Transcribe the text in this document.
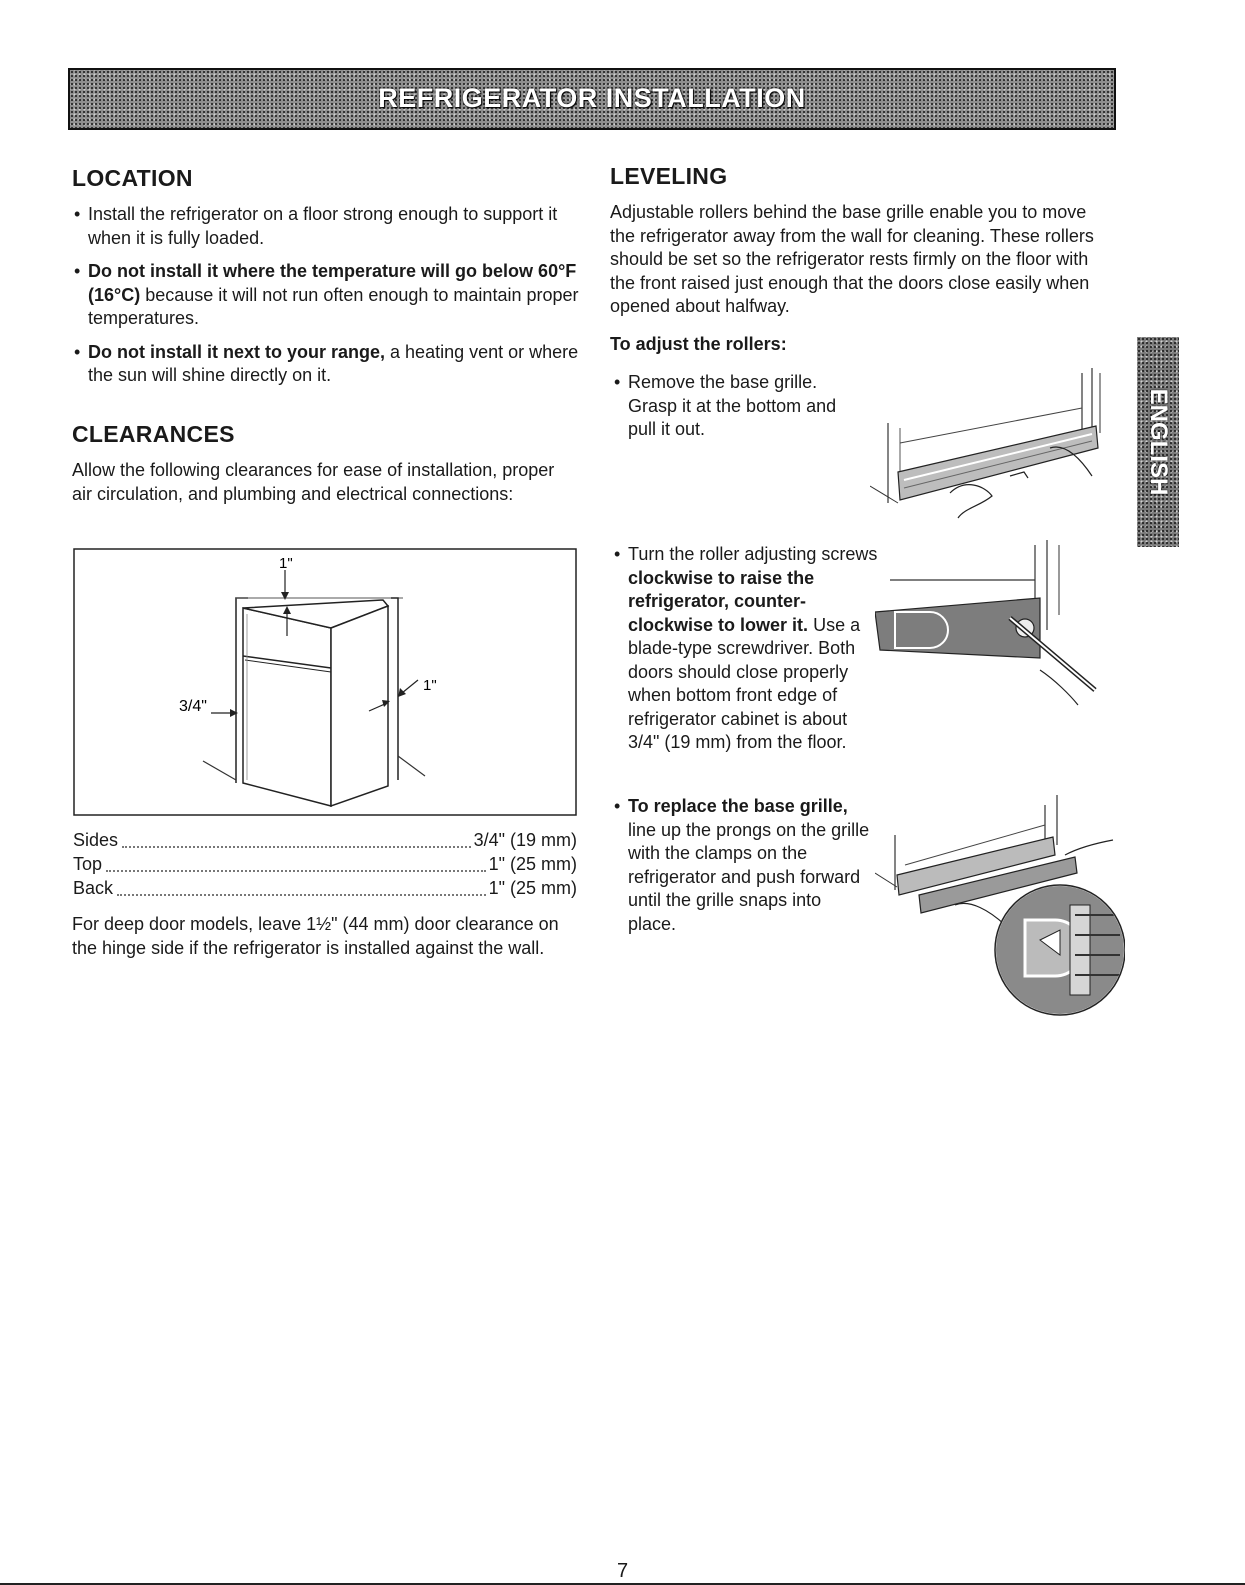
REFRIGERATOR INSTALLATION
LOCATION
• Install the refrigerator on a floor strong enough to support it when it is fully loaded.
• Do not install it where the temperature will go below 60°F (16°C) because it will not run often enough to maintain proper temperatures.
• Do not install it next to your range, a heating vent or where the sun will shine directly on it.
CLEARANCES
Allow the following clearances for ease of installation, proper air circulation, and plumbing and electrical connections:
1"
3/4"
1"
Sides	3/4" (19 mm)
Top	1" (25 mm)
Back	1" (25 mm)
For deep door models, leave 1½" (44 mm) door clearance on the hinge side if the refrigerator is installed against the wall.
LEVELING
Adjustable rollers behind the base grille enable you to move the refrigerator away from the wall for cleaning. These rollers should be set so the refrigerator rests firmly on the floor with the front raised just enough that the doors close easily when opened about halfway.
To adjust the rollers:
• Remove the base grille. Grasp it at the bottom and pull it out.
• Turn the roller adjusting screws clockwise to raise the refrigerator, counter-clockwise to lower it. Use a blade-type screwdriver. Both doors should close properly when bottom front edge of refrigerator cabinet is about 3/4" (19 mm) from the floor.
• To replace the base grille, line up the prongs on the grille with the clamps on the refrigerator and push forward until the grille snaps into place.
ENGLISH
7
